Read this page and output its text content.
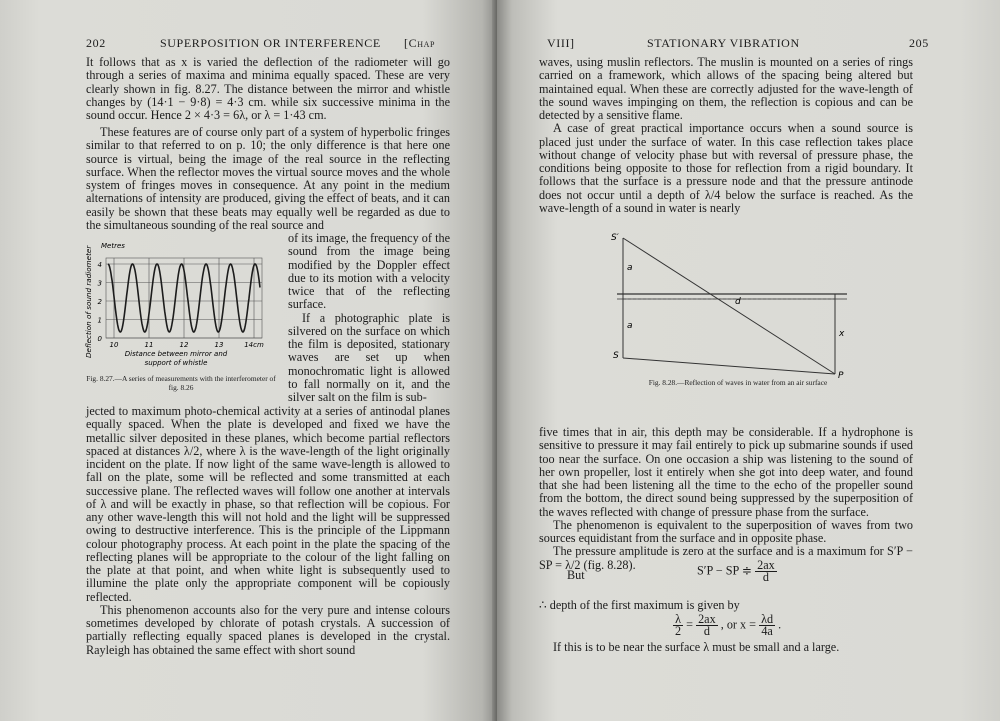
202	SUPERPOSITION OR INTERFERENCE [Chap

It follows that as x is varied the deflection of the radiometer will go through a series of maxima and minima equally spaced. These are very clearly shown in fig. 8.27. The distance between the mirror and whistle changes by (14·1 − 9·8) = 4·3 cm. while six successive minima in the sound occur. Hence 2 × 4·3 = 6λ, or λ = 1·43 cm.

These features are of course only part of a system of hyperbolic fringes similar to that referred to on p. 10; the only difference is that here one source is virtual, being the image of the real source in the reflecting surface. When the reflector moves the virtual source moves and the whole system of fringes moves in consequence. At any point in the medium alternations of intensity are produced, giving the effect of beats, and it can easily be shown that these beats may equally well be regarded as due to the simultaneous sounding of the real source and

10	11	12	13	14cm
4
3
2
1
0
Metres
Deflection of sound radiometer	Distance between mirror and
support of whistle
Fig. 8.27.—A series of measurements with the interferometer of fig. 8.26

of its image, the frequency of the sound from the image being modified by the Doppler effect due to its motion with a velocity twice that of the reflecting surface.

If a photographic plate is silvered on the surface on which the film is deposited, stationary waves are set up when monochromatic light is allowed to fall normally on it, and the silver salt on the film is sub-

jected to maximum photo-chemical activity at a series of antinodal planes equally spaced. When the plate is developed and fixed we have the metallic silver deposited in these planes, which become partial reflectors spaced at distances λ/2, where λ is the wave-length of the light originally incident on the plate. If now light of the same wave-length is allowed to fall on the plate, some will be reflected and some transmitted at each successive plane. The reflected waves will follow one another at intervals of λ and will be exactly in phase, so that reflection will be copious. For any other wave-length this will not hold and the light will be suppressed owing to destructive interference. This is the principle of the Lippmann colour photography process. At each point in the plate the spacing of the reflecting planes will be appropriate to the colour of the light falling on the plate at that point, and when white light is subsequently used to illumine the plate only the appropriate component will be copiously reflected.

This phenomenon accounts also for the very pure and intense colours sometimes developed by chlorate of potash crystals. A succession of partially reflecting equally spaced planes is developed in the crystal. Rayleigh has obtained the same effect with short sound

VIII]	STATIONARY VIBRATION	205

waves, using muslin reflectors. The muslin is mounted on a series of rings carried on a framework, which allows of the spacing being altered but maintained equal. When these are correctly adjusted for the wave-length of the sound waves impinging on them, the reflection is copious and can be detected by a sensitive flame.

A case of great practical importance occurs when a sound source is placed just under the surface of water. In this case reflection takes place without change of velocity phase but with reversal of pressure phase, the conditions being opposite to those for reflection from a rigid boundary. It follows that the surface is a pressure node and that the pressure antinode does not occur until a depth of λ/4 below the surface is reached. As the wave-length of a sound in water is nearly

S′
S
P
a
a
d
x
Fig. 8.28.—Reflection of waves in water from an air surface

five times that in air, this depth may be considerable. If a hydrophone is sensitive to pressure it may fail entirely to pick up submarine sounds if used too near the surface. On one occasion a ship was listening to the sound of her own propeller, lost it entirely when she got into deep water, and found that she had been listening all the time to the echo of the propeller sound from the bottom, the direct sound being suppressed by the superposition of the waves reflected with change of pressure phase from the surface.

The phenomenon is equivalent to the superposition of waves from two sources equidistant from the surface and in opposite phase.

The pressure amplitude is zero at the surface and is a maximum for S′P − SP = λ/2 (fig. 8.28).

But	S′P − SP ≑ $\frac{2ax}{d}$
∴ depth of the first maximum is given by
$\frac{\lambda}{2} = \frac{2ax}{d}$ , or $x = \frac{\lambda d}{4a}$ .

If this is to be near the surface λ must be small and a large.
